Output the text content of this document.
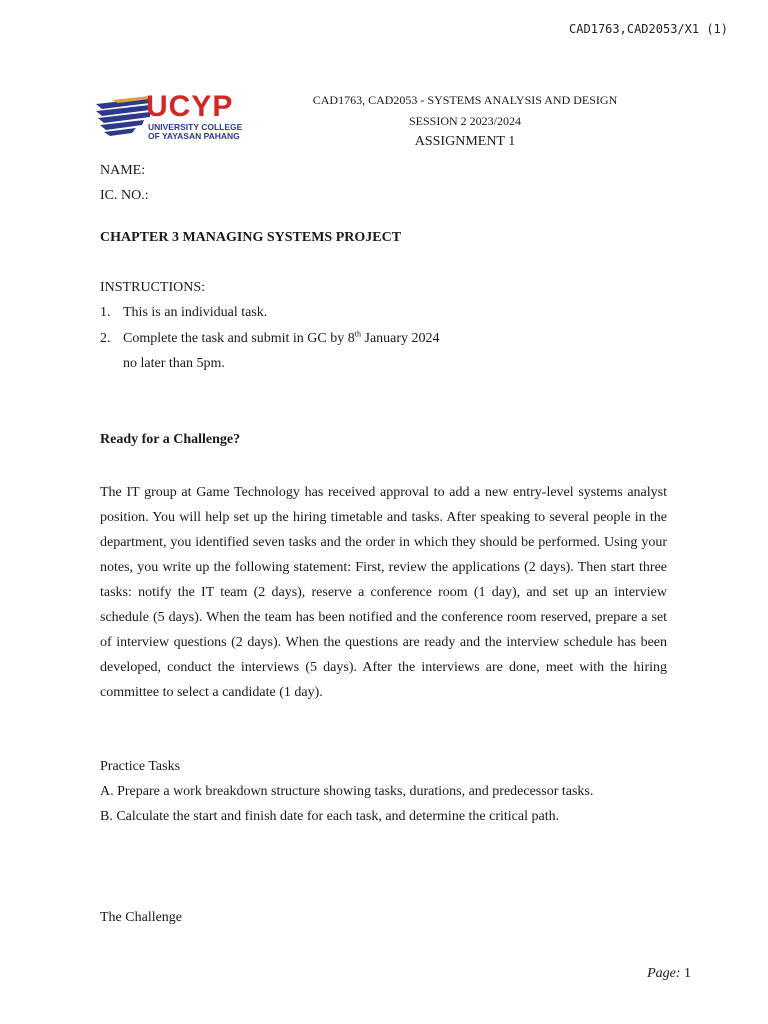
CAD1763,CAD2053/X1 (1)
UCYP
UNIVERSITY COLLEGE
OF YAYASAN PAHANG
CAD1763, CAD2053 - SYSTEMS ANALYSIS AND DESIGN
SESSION 2 2023/2024
ASSIGNMENT 1
NAME:
IC. NO.:
CHAPTER 3 MANAGING SYSTEMS PROJECT
INSTRUCTIONS:
1. This is an individual task.
2. Complete the task and submit in GC by 8th January 2024
no later than 5pm.
Ready for a Challenge?
The IT group at Game Technology has received approval to add a new entry-level systems analyst position. You will help set up the hiring timetable and tasks. After speaking to several people in the department, you identified seven tasks and the order in which they should be performed. Using your notes, you write up the following statement: First, review the applications (2 days). Then start three tasks: notify the IT team (2 days), reserve a conference room (1 day), and set up an interview schedule (5 days). When the team has been notified and the conference room reserved, prepare a set of interview questions (2 days). When the questions are ready and the interview schedule has been developed, conduct the interviews (5 days). After the interviews are done, meet with the hiring committee to select a candidate (1 day).
Practice Tasks
A. Prepare a work breakdown structure showing tasks, durations, and predecessor tasks.
B. Calculate the start and finish date for each task, and determine the critical path.
The Challenge
Page: 1
